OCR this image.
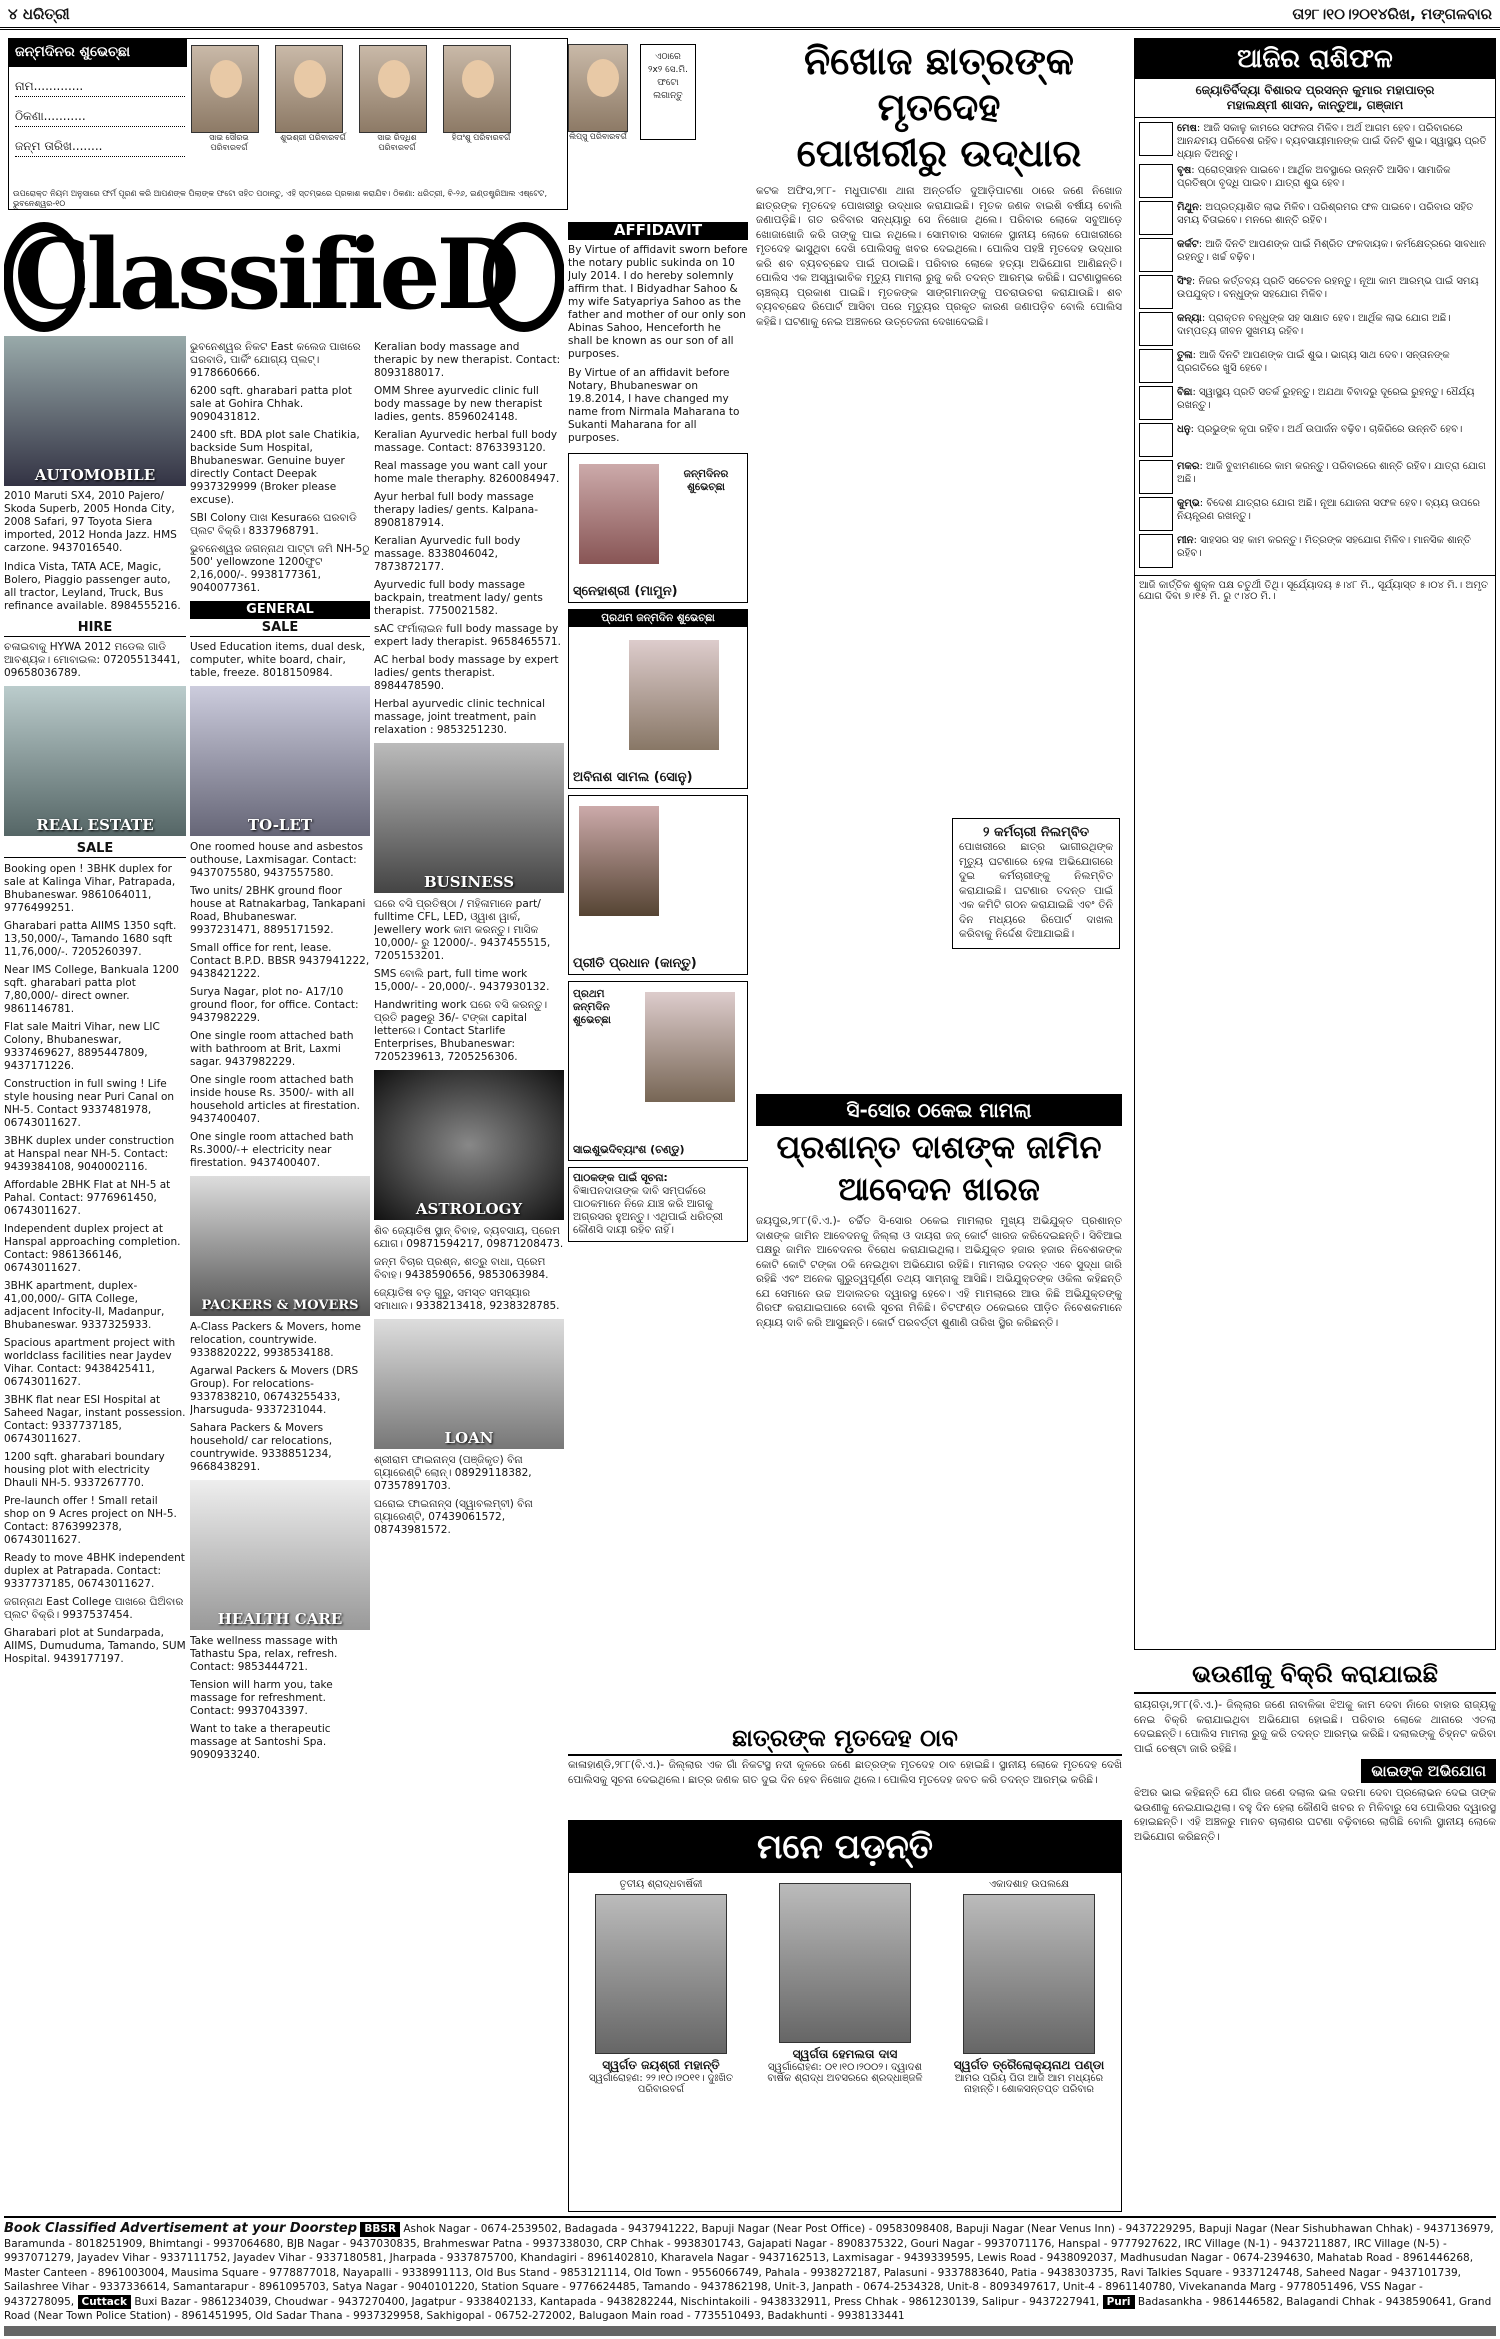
୪ ଧରିତ୍ରୀ	ତା୨୮।୧୦।୨୦୧୪ରିଖ, ମଙ୍ଗଳବାର
ଜନ୍ମଦିନର ଶୁଭେଚ୍ଛା
ନାମ.............
ଠିକଣା...........
ଜନ୍ମ ତାରିଖ........
ସାଇ ସୌରଭ ପରିବାରବର୍ଗ
ଶୁଭଶ୍ରୀ ପରିବାରବର୍ଗ	ସାଇ ରିଦ୍ଧିଶ ପରିବାରବର୍ଗ
ହିତାଂଶୁ ପରିବାରବର୍ଗ
ଉପରୋକ୍ତ ନିୟମ ଅନୁସାରେ ଫର୍ମ ପୂରଣ କରି ଆପଣଙ୍କ ପିଲାଙ୍କ ଫଟୋ ସହିତ ପଠାନ୍ତୁ, ଏହି ସ୍ତମ୍ଭରେ ପ୍ରକାଶ କରାଯିବ। ଠିକଣା: ଧରିତ୍ରୀ, ବି-୨୬, ଇଣ୍ଡଷ୍ଟ୍ରିଆଲ ଏଷ୍ଟେଟ, ଭୁବନେଶ୍ୱର-୧୦
ଲିପ୍ସୁ ପରିବାରବର୍ଗ
ଏଠାରେ
୨x୨ ସେ.ମି.
ଫଟୋ
ଲଗାନ୍ତୁ
ClassifieD
AUTOMOBILE

2010 Maruti SX4, 2010 Pajero/ Skoda Superb, 2005 Honda City, 2008 Safari, 97 Toyota Siera imported, 2012 Honda Jazz. HMS carzone. 9437016540.

Indica Vista, TATA ACE, Magic, Bolero, Piaggio passenger auto, all tractor, Leyland, Truck, Bus refinance available. 8984555216.

HIRE

ଚଳାଇବାକୁ HYWA 2012 ମଡେଲ ଗାଡି ଆବଶ୍ୟକ। ମୋବାଇଲ: 07205513441, 09658036789.

REAL ESTATE
SALE

Booking open ! 3BHK duplex for sale at Kalinga Vihar, Patrapada, Bhubaneswar. 9861064011, 9776499251.

Gharabari patta AIIMS 1350 sqft. 13,50,000/-, Tamando 1680 sqft 11,76,000/-. 7205260397.

Near IMS College, Bankuala 1200 sqft. gharabari patta plot 7,80,000/- direct owner. 9861146781.

Flat sale Maitri Vihar, new LIC Colony, Bhubaneswar, 9337469627, 8895447809, 9437171226.

Construction in full swing ! Life style housing near Puri Canal on NH-5. Contact 9337481978, 06743011627.

3BHK duplex under construction at Hanspal near NH-5. Contact: 9439384108, 9040002116.

Affordable 2BHK Flat at NH-5 at Pahal. Contact: 9776961450, 06743011627.

Independent duplex project at Hanspal approaching completion. Contact: 9861366146, 06743011627.

3BHK apartment, duplex- 41,00,000/- GITA College, adjacent Infocity-II, Madanpur, Bhubaneswar. 9337325933.

Spacious apartment project with worldclass facilities near Jaydev Vihar. Contact: 9438425411, 06743011627.

3BHK flat near ESI Hospital at Saheed Nagar, instant possession. Contact: 9337737185, 06743011627.

1200 sqft. gharabari boundary housing plot with electricity Dhauli NH-5. 9337267770.

Pre-launch offer ! Small retail shop on 9 Acres project on NH-5. Contact: 8763992378, 06743011627.

Ready to move 4BHK independent duplex at Patrapada. Contact: 9337737185, 06743011627.

ଜଗନ୍ନାଥ East College ପାଖରେ ଘିଅିବାର ପ୍ଲଟ ବିକ୍ରି। 9937537454.

Gharabari plot at Sundarpada, AIIMS, Dumuduma, Tamando, SUM Hospital. 9439177197.

ଭୁବନେଶ୍ୱର ନିକଟ East କଲେଜ ପାଖରେ ଘରବାଡି, ପାର୍କିଂ ଯୋଗ୍ୟ ପ୍ଲଟ୍। 9178660666.

6200 sqft. gharabari patta plot sale at Gohira Chhak. 9090431812.

2400 sft. BDA plot sale Chatikia, backside Sum Hospital, Bhubaneswar. Genuine buyer directly Contact Deepak 9937329999 (Broker please excuse).

SBI Colony ପାଖ Kesuraରେ ଘରବାଡି ପ୍ଲଟ ବିକ୍ରି। 8337968791.

ଭୁବନେଶ୍ୱର ଜଗନ୍ନାଥ ପାଟ୍ଟା ଜମି NH-5ଠୁ 500' yellowzone 1200ଫୁଟ 2,16,000/-. 9938177361, 9040077361.

GENERAL
SALE

Used Education items, dual desk, computer, white board, chair, table, freeze. 8018150984.

TO-LET

One roomed house and asbestos outhouse, Laxmisagar. Contact: 9437075580, 9437557580.

Two units/ 2BHK ground floor house at Ratnakarbag, Tankapani Road, Bhubaneswar. 9937231471, 8895171592.

Small office for rent, lease. Contact B.P.D. BBSR 9437941222, 9438421222.

Surya Nagar, plot no- A17/10 ground floor, for office. Contact: 9437982229.

One single room attached bath with bathroom at Brit, Laxmi sagar. 9437982229.

One single room attached bath inside house Rs. 3500/- with all household articles at firestation. 9437400407.

One single room attached bath Rs.3000/-+ electricity near firestation. 9437400407.

PACKERS & MOVERS

A-Class Packers & Movers, home relocation, countrywide. 9338820222, 9938534188.

Agarwal Packers & Movers (DRS Group). For relocations- 9337838210, 06743255433, Jharsuguda- 9337231044.

Sahara Packers & Movers household/ car relocations, countrywide. 9338851234, 9668438291.

HEALTH CARE

Take wellness massage with Tathastu Spa, relax, refresh. Contact: 9853444721.

Tension will harm you, take massage for refreshment. Contact: 9937043397.

Want to take a therapeutic massage at Santoshi Spa. 9090933240.

Keralian body massage and therapic by new therapist. Contact: 8093188017.

OMM Shree ayurvedic clinic full body massage by new therapist ladies, gents. 8596024148.

Keralian Ayurvedic herbal full body massage. Contact: 8763393120.

Real massage you want call your home male theraphy. 8260084947.

Ayur herbal full body massage therapy ladies/ gents. Kalpana- 8908187914.

Keralian Ayurvedic full body massage. 8338046042, 7873872177.

Ayurvedic full body massage backpain, treatment lady/ gents therapist. 7750021582.

sAC ଫର୍ମାଲାଇନ full body massage by expert lady therapist. 9658465571.

AC herbal body massage by expert ladies/ gents therapist. 8984478590.

Herbal ayurvedic clinic technical massage, joint treatment, pain relaxation : 9853251230.

BUSINESS

ଘରେ ବସି ପ୍ରତିଷ୍ଠା / ମହିଳାମାନେ part/ fulltime CFL, LED, ଓ୍ୱାଶ ୱାର୍କ, Jewellery work କାମ କରନ୍ତୁ। ମାସିକ 10,000/- ରୁ 12000/-. 9437455515, 7205153201.

SMS ବୋଲି part, full time work 15,000/- - 20,000/-. 9437930132.

Handwriting work ଘରେ ବସି କରନ୍ତୁ। ପ୍ରତି pageରୁ 36/- ଟଙ୍କା capital letterରେ। Contact Starlife Enterprises, Bhubaneswar: 7205239613, 7205256306.

ASTROLOGY

ଶିବ ଜ୍ୟୋତିଷ ସ୍ଥାନ୍ ବିବାହ, ବ୍ୟବସାୟ, ପ୍ରେମ ଯୋଗ। 09871594217, 09871208473.

ଜନ୍ମ ବିଚାର ପ୍ରଶ୍ନ, ଶତ୍ରୁ ବାଧା, ପ୍ରେମ ବିବାହ। 9438590656, 9853063984.

ଜ୍ୟୋତିଷ ବଡ଼ ଗୁରୁ, ସମସ୍ତ ସମସ୍ୟାର ସମାଧାନ। 9338213418, 9238328785.

LOAN

ଶ୍ରୀରାମ ଫାଇନାନ୍ସ (ପଞ୍ଜିକୃତ) ବିନା ଗ୍ୟାରେଣ୍ଟି ଲୋନ୍। 08929118382, 07357891703.

ଘରୋଇ ଫାଇନାନ୍ସ (ସ୍ୱାବଲମ୍ବୀ) ବିନା ଗ୍ୟାରେଣ୍ଟି, 07439061572, 08743981572.

AFFIDAVIT

By Virtue of affidavit sworn before the notary public sukinda on 10 July 2014. I do hereby solemnly affirm that. I Bidyadhar Sahoo & my wife Satyapriya Sahoo as the father and mother of our only son Abinas Sahoo, Henceforth he shall be known as our son of all purposes.

By Virtue of an affidavit before Notary, Bhubaneswar on 19.8.2014, I have changed my name from Nirmala Maharana to Sukanti Maharana for all purposes.

ଜନ୍ମଦିନର ଶୁଭେଚ୍ଛା
ସ୍ନେହାଶ୍ରୀ (ମାମୁନ)
ପ୍ରଥମ ଜନ୍ମଦିନ ଶୁଭେଚ୍ଛା
ଅବିନାଶ ସାମଲ (ସୋନୁ)
ପ୍ରୀତି ପ୍ରଧାନ (କାନ୍ତୁ)
ପ୍ରଥମ ଜନ୍ମଦିନ ଶୁଭେଚ୍ଛା
ସାଇଶୁଭଦିବ୍ୟାଂଶ (ଚଣ୍ଡୁ)
ପାଠକଙ୍କ ପାଇଁ ସୂଚନା:

ବିଜ୍ଞାପନଦାତାଙ୍କ ଦାବି ସମ୍ପର୍କରେ ପାଠକମାନେ ନିଜେ ଯାଞ୍ଚ କରି ଆଗକୁ ଅଗ୍ରସର ହୁଅନ୍ତୁ। ଏଥିପାଇଁ ଧରିତ୍ରୀ କୌଣସି ଦାୟୀ ରହିବ ନାହିଁ।

ନିଖୋଜ ଛାତ୍ରଙ୍କ ମୃତଦେହ
ପୋଖରୀରୁ ଉଦ୍ଧାର
କଟକ ଅଫିସ,୨୮୮- ମଧୁପାଟଣା ଥାନା ଅନ୍ତର୍ଗତ ଦୁଆଡ଼ିପାଟଣା ଠାରେ ଜଣେ ନିଖୋଜ ଛାତ୍ରଙ୍କ ମୃତଦେହ ପୋଖରୀରୁ ଉଦ୍ଧାର କରାଯାଇଛି। ମୃତକ ଜଣକ ବାଇଶି ବର୍ଷୀୟ ବୋଲି ଜଣାପଡ଼ିଛି। ଗତ ରବିବାର ସନ୍ଧ୍ୟାରୁ ସେ ନିଖୋଜ ଥିଲେ। ପରିବାର ଲୋକେ ସବୁଆଡ଼େ ଖୋଜାଖୋଜି କରି ତାଙ୍କୁ ପାଇ ନଥିଲେ। ସୋମବାର ସକାଳେ ସ୍ଥାନୀୟ ଲୋକେ ପୋଖରୀରେ ମୃତଦେହ ଭାସୁଥିବା ଦେଖି ପୋଲିସକୁ ଖବର ଦେଇଥିଲେ। ପୋଲିସ ପହଞ୍ଚି ମୃତଦେହ ଉଦ୍ଧାର କରି ଶବ ବ୍ୟବଚ୍ଛେଦ ପାଇଁ ପଠାଇଛି। ପରିବାର ଲୋକେ ହତ୍ୟା ଅଭିଯୋଗ ଆଣିଛନ୍ତି। ପୋଲିସ ଏକ ଅସ୍ୱାଭାବିକ ମୃତ୍ୟୁ ମାମଲା ରୁଜୁ କରି ତଦନ୍ତ ଆରମ୍ଭ କରିଛି। ଘଟଣାସ୍ଥଳରେ ଚାଞ୍ଚଲ୍ୟ ପ୍ରକାଶ ପାଇଛି। ମୃତକଙ୍କ ସାଙ୍ଗମାନଙ୍କୁ ପଚରାଉଚରା କରାଯାଉଛି। ଶବ ବ୍ୟବଚ୍ଛେଦ ରିପୋର୍ଟ ଆସିବା ପରେ ମୃତ୍ୟୁର ପ୍ରକୃତ କାରଣ ଜଣାପଡ଼ିବ ବୋଲି ପୋଲିସ କହିଛି। ଘଟଣାକୁ ନେଇ ଅଞ୍ଚଳରେ ଉତ୍ତେଜନା ଦେଖାଦେଇଛି।
୨ କର୍ମଚାରୀ ନିଲମ୍ବିତ
ପୋଖରୀରେ ଛାତ୍ର ଭାଗୀରଥିଙ୍କ ମୃତ୍ୟୁ ଘଟଣାରେ ହେଳା ଅଭିଯୋଗରେ ଦୁଇ କର୍ମଚାରୀଙ୍କୁ ନିଲମ୍ବିତ କରାଯାଇଛି। ଘଟଣାର ତଦନ୍ତ ପାଇଁ ଏକ କମିଟି ଗଠନ କରାଯାଇଛି ଏବଂ ତିନି ଦିନ ମଧ୍ୟରେ ରିପୋର୍ଟ ଦାଖଲ କରିବାକୁ ନିର୍ଦ୍ଦେଶ ଦିଆଯାଇଛି।
ସି-ସୋର ଠକେଇ ମାମଲା
ପ୍ରଶାନ୍ତ ଦାଶଙ୍କ ଜାମିନ
ଆବେଦନ ଖାରଜ
ଜୟପୁର,୨୮୮(ବି.ଏ.)- ଚର୍ଚ୍ଚିତ ସି-ସୋର ଠକେଇ ମାମଲାର ମୁଖ୍ୟ ଅଭିଯୁକ୍ତ ପ୍ରଶାନ୍ତ ଦାଶଙ୍କ ଜାମିନ ଆବେଦନକୁ ଜିଲ୍ଲା ଓ ଦାୟରା ଜଜ୍ କୋର୍ଟ ଖାରଜ କରିଦେଇଛନ୍ତି। ସିବିଆଇ ପକ୍ଷରୁ ଜାମିନ ଆବେଦନର ବିରୋଧ କରାଯାଇଥିଲା। ଅଭିଯୁକ୍ତ ହଜାର ହଜାର ନିବେଶକଙ୍କ କୋଟି କୋଟି ଟଙ୍କା ଠକି ନେଇଥିବା ଅଭିଯୋଗ ରହିଛି। ମାମଲାର ତଦନ୍ତ ଏବେ ସୁଦ୍ଧା ଜାରି ରହିଛି ଏବଂ ଅନେକ ଗୁରୁତ୍ୱପୂର୍ଣ୍ଣ ତଥ୍ୟ ସାମ୍ନାକୁ ଆସିଛି। ଅଭିଯୁକ୍ତଙ୍କ ଓକିଲ କହିଛନ୍ତି ଯେ ସେମାନେ ଉଚ୍ଚ ଅଦାଲତର ଦ୍ୱାରସ୍ଥ ହେବେ। ଏହି ମାମଲାରେ ଆଉ କିଛି ଅଭିଯୁକ୍ତଙ୍କୁ ଗିରଫ କରାଯାଇପାରେ ବୋଲି ସୂଚନା ମିଳିଛି। ଚିଟଫଣ୍ଡ ଠକେଇରେ ପୀଡ଼ିତ ନିବେଶକମାନେ ନ୍ୟାୟ ଦାବି କରି ଆସୁଛନ୍ତି। କୋର୍ଟ ପରବର୍ତ୍ତୀ ଶୁଣାଣି ତାରିଖ ସ୍ଥିର କରିଛନ୍ତି।
ଛାତ୍ରଙ୍କ ମୃତଦେହ ଠାବ
କାଳାହାଣ୍ଡି,୨୮୮(ବି.ଏ.)- ଜିଲ୍ଲାର ଏକ ଗାଁ ନିକଟସ୍ଥ ନଦୀ କୂଳରେ ଜଣେ ଛାତ୍ରଙ୍କ ମୃତଦେହ ଠାବ ହୋଇଛି। ସ୍ଥାନୀୟ ଲୋକେ ମୃତଦେହ ଦେଖି ପୋଲିସକୁ ସୂଚନା ଦେଇଥିଲେ। ଛାତ୍ର ଜଣକ ଗତ ଦୁଇ ଦିନ ହେବ ନିଖୋଜ ଥିଲେ। ପୋଲିସ ମୃତଦେହ ଜବତ କରି ତଦନ୍ତ ଆରମ୍ଭ କରିଛି।
ମନେ ପଡ଼ନ୍ତି
ତୃତୀୟ ଶ୍ରାଦ୍ଧବାର୍ଷିକୀ
ସ୍ୱର୍ଗତ ଜୟଶ୍ରୀ ମହାନ୍ତି
ସ୍ୱର୍ଗାରୋହଣ: ୨୨।୧୦।୨୦୧୧। ଦୁଃଖିତ ପରିବାରବର୍ଗ
ସ୍ୱର୍ଗତା ହେମଲତା ଦାସ
ସ୍ୱର୍ଗାରୋହଣ: ୦୧।୧୦।୨୦୦୨। ଦ୍ୱାଦଶ ବାର୍ଷିକ ଶ୍ରାଦ୍ଧ ଅବସରରେ ଶ୍ରଦ୍ଧାଞ୍ଜଳି
ଏକାଦଶାହ ଉପଲକ୍ଷେ
ସ୍ୱର୍ଗତ ତ୍ରୈଲୋକ୍ୟନାଥ ପଣ୍ଡା
ଆମର ପ୍ରିୟ ପିତା ଆଜି ଆମ ମଧ୍ୟରେ ନାହାନ୍ତି। ଶୋକସନ୍ତପ୍ତ ପରିବାର
ଆଜିର ରାଶିଫଳ
ଜ୍ୟୋତିର୍ବିଦ୍ୟା ବିଶାରଦ ପ୍ରସନ୍ନ କୁମାର ମହାପାତ୍ର
ମହାଲକ୍ଷ୍ମୀ ଶାସନ, କାନ୍ତୁଆ, ଗଞ୍ଜାମ
ମେଷ: ଆଜି ସକାଳୁ କାମରେ ସଫଳତା ମିଳିବ। ଅର୍ଥ ଆଗମ ହେବ। ପରିବାରରେ ଆନନ୍ଦମୟ ପରିବେଶ ରହିବ। ବ୍ୟବସାୟୀମାନଙ୍କ ପାଇଁ ଦିନଟି ଶୁଭ। ସ୍ୱାସ୍ଥ୍ୟ ପ୍ରତି ଧ୍ୟାନ ଦିଅନ୍ତୁ।
ବୃଷ: ପ୍ରୋତ୍ସାହନ ପାଇବେ। ଆର୍ଥିକ ଅବସ୍ଥାରେ ଉନ୍ନତି ଆସିବ। ସାମାଜିକ ପ୍ରତିଷ୍ଠା ବୃଦ୍ଧି ପାଇବ। ଯାତ୍ରା ଶୁଭ ହେବ।
ମିଥୁନ: ଅପ୍ରତ୍ୟାଶିତ ଲାଭ ମିଳିବ। ପରିଶ୍ରମର ଫଳ ପାଇବେ। ପରିବାର ସହିତ ସମୟ ବିତାଇବେ। ମନରେ ଶାନ୍ତି ରହିବ।
କର୍କଟ: ଆଜି ଦିନଟି ଆପଣଙ୍କ ପାଇଁ ମିଶ୍ରିତ ଫଳଦାୟକ। କର୍ମକ୍ଷେତ୍ରରେ ସାବଧାନ ରହନ୍ତୁ। ଖର୍ଚ୍ଚ ବଢ଼ିବ।
ସିଂହ: ନିଜର କର୍ତ୍ତବ୍ୟ ପ୍ରତି ସଚେତନ ରହନ୍ତୁ। ନୂଆ କାମ ଆରମ୍ଭ ପାଇଁ ସମୟ ଉପଯୁକ୍ତ। ବନ୍ଧୁଙ୍କ ସହଯୋଗ ମିଳିବ।
କନ୍ୟା: ପ୍ରାକ୍ତନ ବନ୍ଧୁଙ୍କ ସହ ସାକ୍ଷାତ ହେବ। ଆର୍ଥିକ ଲାଭ ଯୋଗ ଅଛି। ଦାମ୍ପତ୍ୟ ଜୀବନ ସୁଖମୟ ରହିବ।
ତୁଳା: ଆଜି ଦିନଟି ଆପଣଙ୍କ ପାଇଁ ଶୁଭ। ଭାଗ୍ୟ ସାଥ ଦେବ। ସନ୍ତାନଙ୍କ ପ୍ରଗତିରେ ଖୁସି ହେବେ।
ବିଛା: ସ୍ୱାସ୍ଥ୍ୟ ପ୍ରତି ସତର୍କ ରୁହନ୍ତୁ। ଅଯଥା ବିବାଦରୁ ଦୂରେଇ ରୁହନ୍ତୁ। ଧୈର୍ଯ୍ୟ ରଖନ୍ତୁ।
ଧନୁ: ପ୍ରଭୁଙ୍କ କୃପା ରହିବ। ଅର୍ଥ ଉପାର୍ଜନ ବଢ଼ିବ। ଚାକିରିରେ ଉନ୍ନତି ହେବ।
ମକର: ଆଜି ବୁଝାମଣାରେ କାମ କରନ୍ତୁ। ପରିବାରରେ ଶାନ୍ତି ରହିବ। ଯାତ୍ରା ଯୋଗ ଅଛି।
କୁମ୍ଭ: ବିଦେଶ ଯାତ୍ରାର ଯୋଗ ଅଛି। ନୂଆ ଯୋଜନା ସଫଳ ହେବ। ବ୍ୟୟ ଉପରେ ନିୟନ୍ତ୍ରଣ ରଖନ୍ତୁ।
ମୀନ: ସାହସର ସହ କାମ କରନ୍ତୁ। ମିତ୍ରଙ୍କ ସହଯୋଗ ମିଳିବ। ମାନସିକ ଶାନ୍ତି ରହିବ।
ଆଜି କାର୍ତ୍ତିକ ଶୁକ୍ଳ ପକ୍ଷ ଚତୁର୍ଥୀ ତିଥି। ସୂର୍ଯ୍ୟୋଦୟ ୫।୪୮ ମି., ସୂର୍ଯ୍ୟାସ୍ତ ୫।୦୪ ମି.। ଅମୃତ ଯୋଗ ଦିବା ୭।୧୫ ମି. ରୁ ୯।୪୦ ମି.।
ଭଉଣୀକୁ ବିକ୍ରି କରାଯାଇଛି
ରାୟଗଡ଼ା,୨୮୮(ବି.ଏ.)- ଜିଲ୍ଲାର ଜଣେ ନାବାଳିକା ଝିଅକୁ କାମ ଦେବା ନାଁରେ ବାହାର ରାଜ୍ୟକୁ ନେଇ ବିକ୍ରି କରାଯାଇଥିବା ଅଭିଯୋଗ ହୋଇଛି। ପରିବାର ଲୋକେ ଥାନାରେ ଏତଲା ଦେଇଛନ୍ତି। ପୋଲିସ ମାମଲା ରୁଜୁ କରି ତଦନ୍ତ ଆରମ୍ଭ କରିଛି। ଦଲାଲଙ୍କୁ ଚିହ୍ନଟ କରିବା ପାଇଁ ଚେଷ୍ଟା ଜାରି ରହିଛି।
ଭାଇଙ୍କ ଅଭିଯୋଗ
ଝିଅର ଭାଇ କହିଛନ୍ତି ଯେ ଗାଁର ଜଣେ ଦଲାଲ ଭଲ ଦରମା ଦେବା ପ୍ରଲୋଭନ ଦେଇ ତାଙ୍କ ଭଉଣୀକୁ ନେଇଯାଇଥିଲା। ବହୁ ଦିନ ହେଲା କୌଣସି ଖବର ନ ମିଳିବାରୁ ସେ ପୋଲିସର ଦ୍ୱାରସ୍ଥ ହୋଇଛନ୍ତି। ଏହି ଅଞ୍ଚଳରୁ ମାନବ ଚାଲାଣର ଘଟଣା ବଢ଼ିବାରେ ଲାଗିଛି ବୋଲି ସ୍ଥାନୀୟ ଲୋକେ ଅଭିଯୋଗ କରିଛନ୍ତି।
Book Classified Advertisement at your Doorstep BBSR Ashok Nagar - 0674-2539502, Badagada - 9437941222, Bapuji Nagar (Near Post Office) - 09583098408, Bapuji Nagar (Near Venus Inn) - 9437229295, Bapuji Nagar (Near Sishubhawan Chhak) - 9437136979, Baramunda - 8018251909, Bhimtangi - 9937064680, BJB Nagar - 9437030835, Brahmeswar Patna - 9937338030, CRP Chhak - 9938301743, Gajapati Nagar - 8908375322, Gouri Nagar - 9937071176, Hanspal - 9777927622, IRC Village (N-1) - 9437211887, IRC Village (N-5) - 9937071279, Jayadev Vihar - 9337111752, Jayadev Vihar - 9337180581, Jharpada - 9337875700, Khandagiri - 8961402810, Kharavela Nagar - 9437162513, Laxmisagar - 9439339595, Lewis Road - 9438092037, Madhusudan Nagar - 0674-2394630, Mahatab Road - 8961446268, Master Canteen - 8961003004, Mausima Square - 9778877018, Nayapalli - 9338991113, Old Bus Stand - 9853121114, Old Town - 9556066749, Pahala - 9938272187, Palasuni - 9337883640, Patia - 9438303735, Ravi Talkies Square - 9337124748, Saheed Nagar - 9437101739, Sailashree Vihar - 9337336614, Samantarapur - 8961095703, Satya Nagar - 9040101220, Station Square - 9776624485, Tamando - 9437862198, Unit-3, Janpath - 0674-2534328, Unit-8 - 8093497617, Unit-4 - 8961140780, Vivekananda Marg - 9778051496, VSS Nagar - 9437278095, Cuttack Buxi Bazar - 9861234039, Choudwar - 9437270400, Jagatpur - 9338402133, Kantapada - 9438282244, Nischintakoili - 9438332911, Press Chhak - 9861230139, Salipur - 9437227941, Puri Badasankha - 9861446582, Balagandi Chhak - 9438590641, Grand Road (Near Town Police Station) - 8961451995, Old Sadar Thana - 9937329958, Sakhigopal - 06752-272002, Balugaon Main road - 7735510493, Badakhunti - 9938133441
